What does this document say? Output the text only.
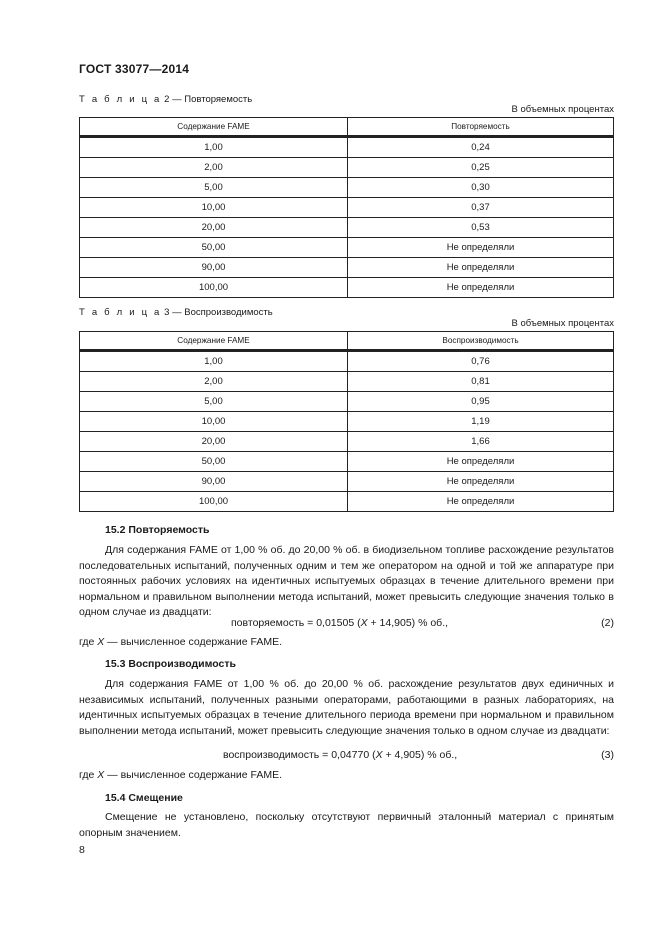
ГОСТ 33077—2014
Т а б л и ц а 2 — Повторяемость
В объемных процентах
Содержание FAME	Повторяемость
1,00	0,24
2,00	0,25
5,00	0,30
10,00	0,37
20,00	0,53
50,00	Не определяли
90,00	Не определяли
100,00	Не определяли
Т а б л и ц а 3 — Воспроизводимость
В объемных процентах
Содержание FAME	Воспроизводимость
1,00	0,76
2,00	0,81
5,00	0,95
10,00	1,19
20,00	1,66
50,00	Не определяли
90,00	Не определяли
100,00	Не определяли
15.2 Повторяемость

Для содержания FAME от 1,00 % об. до 20,00 % об. в биодизельном топливе расхождение результатов последовательных испытаний, полученных одним и тем же оператором на одной и той же аппаратуре при постоянных рабочих условиях на идентичных испытуемых образцах в течение длительного времени при нормальном и правильном выполнении метода испытаний, может превысить следующие значения только в одном случае из двадцати:

повторяемость = 0,01505 (X + 14,905) % об.,	(2)
где X — вычисленное содержание FAME.
15.3 Воспроизводимость

Для содержания FAME от 1,00 % об. до 20,00 % об. расхождение результатов двух единичных и независимых испытаний, полученных разными операторами, работающими в разных лабораториях, на идентичных испытуемых образцах в течение длительного периода времени при нормальном и правильном выполнении метода испытаний, может превысить следующие значения только в одном случае из двадцати:

воспроизводимость = 0,04770 (X + 4,905) % об.,	(3)
где X — вычисленное содержание FAME.
15.4 Смещение

Смещение не установлено, поскольку отсутствуют первичный эталонный материал с принятым опорным значением.

8
